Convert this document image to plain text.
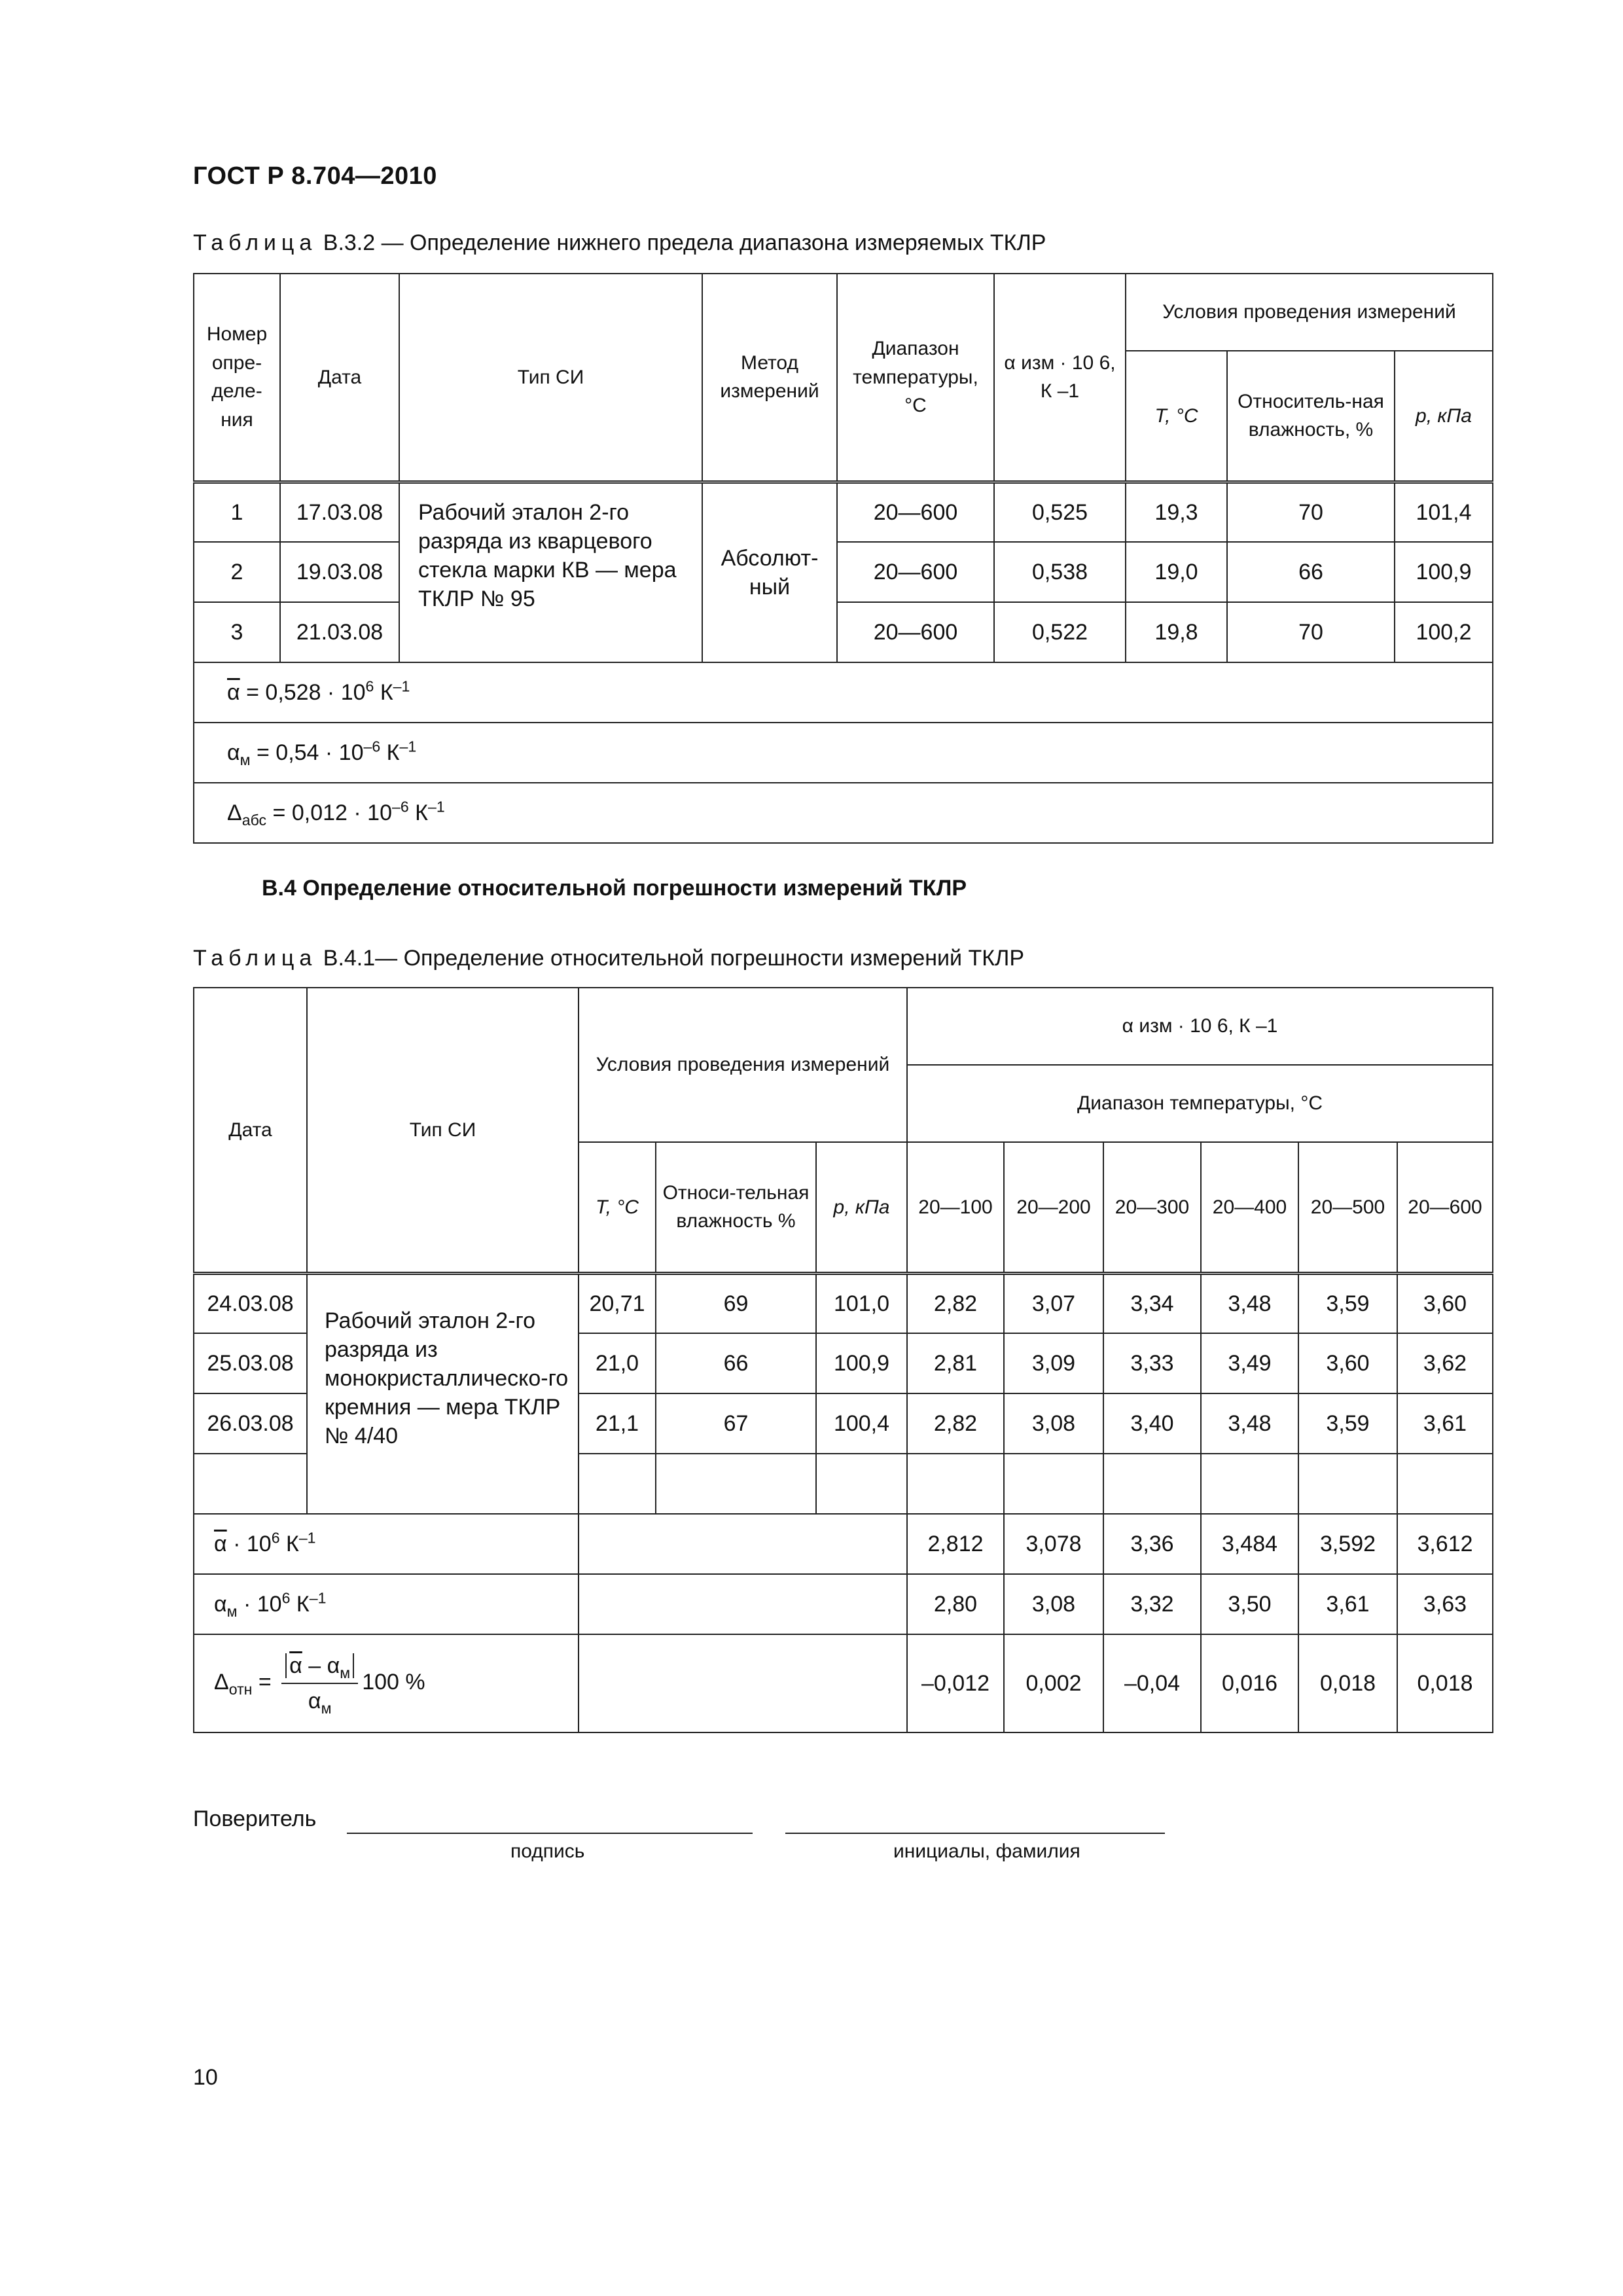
ГОСТ Р 8.704—2010
Таблица В.3.2 — Определение нижнего предела диапазона измеряемых ТКЛР
Номер опре-деле-ния	Дата	Тип СИ	Метод измерений	Диапазон температуры, °С	α изм · 10 6, К –1	Условия проведения измерений		
						Т, °С	Относитель-ная влажность, %	р, кПа
1	17.03.08	Рабочий эталон 2-го разряда из кварцевого стекла марки КВ — мера ТКЛР № 95	Абсолют-ный	20—600	0,525	19,3	70	101,4
2	19.03.08			20—600	0,538	19,0	66	100,9
3	21.03.08			20—600	0,522	19,8	70	100,2
$\overline{\alpha} = 0,528 \cdot 10^6$ $К^{-1}$
$\alpha_м = 0,54 \cdot 10^{-6}$ $К^{-1}$
$\Delta_{абс} = 0,012 \cdot 10^{-6}$ $К^{-1}$
В.4 Определение относительной погрешности измерений ТКЛР
Таблица В.4.1— Определение относительной погрешности измерений ТКЛР
Дата	Тип СИ	Условия проведения измерений			α изм · 10 6, К –1					
					Диапазон температуры, °С					
		Т, °С	Относи-тельная влажность %	р, кПа	20—100	20—200	20—300	20—400	20—500	20—600
24.03.08	Рабочий эталон 2-го разряда из монокристаллическо-го кремния — мера ТКЛР № 4/40	20,71	69	101,0	2,82	3,07	3,34	3,48	3,59	3,60
25.03.08		21,0	66	100,9	2,81	3,09	3,33	3,49	3,60	3,62
26.03.08		21,1	67	100,4	2,82	3,08	3,40	3,48	3,59	3,61

$\overline{\alpha} \cdot 10^6$ $К^{-1}$					2,812	3,078	3,36	3,484	3,592	3,612
$\alpha_м \cdot 10^6$ $К^{-1}$					2,80	3,08	3,32	3,50	3,61	3,63
$\Delta_{отн} = \frac{\overline{\alpha} - \alpha_м}{\alpha_м} 100$ %					–0,012	0,002	–0,04	0,016	0,018	0,018
Поверитель
подпись	инициалы, фамилия
10
